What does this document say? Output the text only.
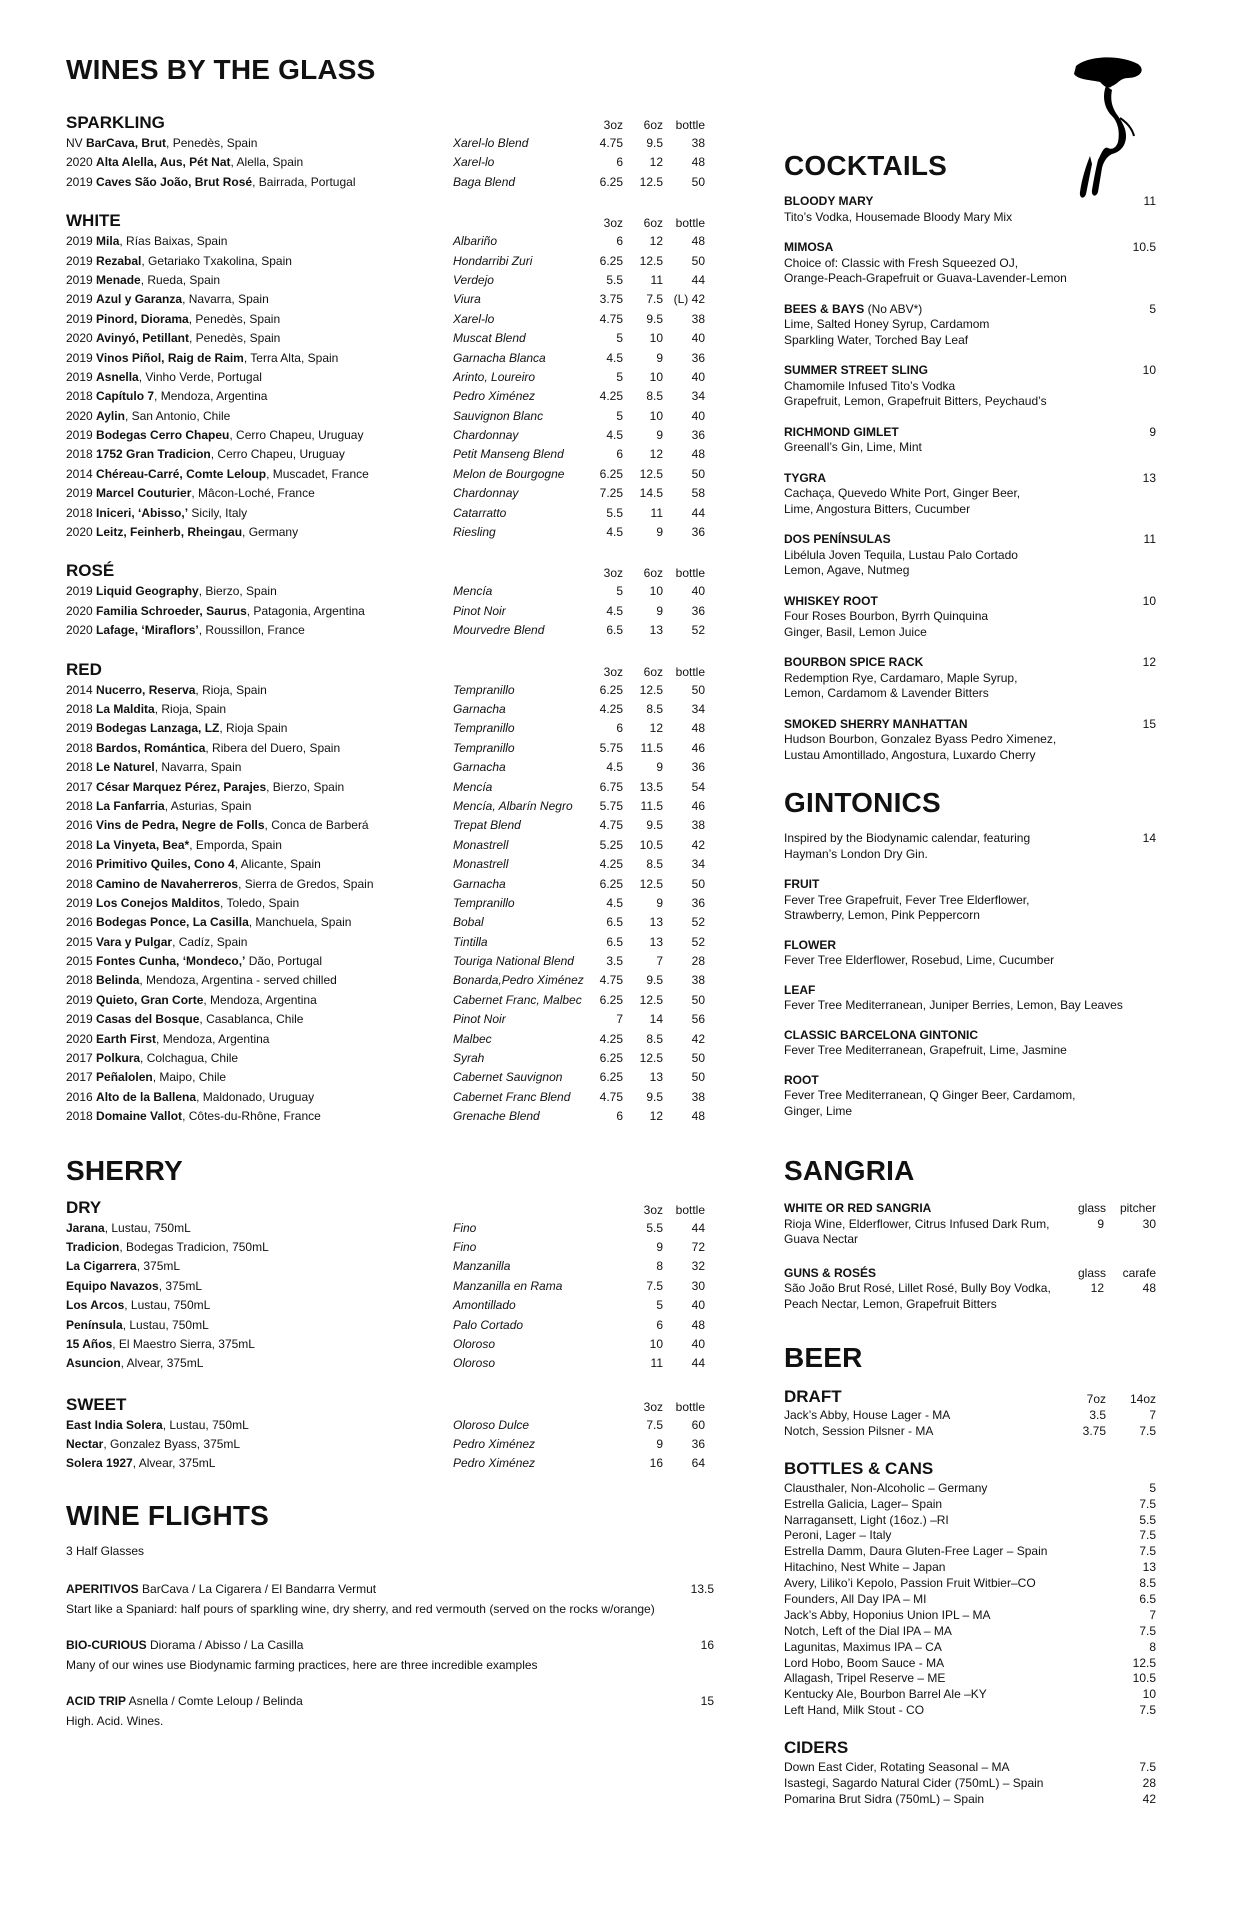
WINES BY THE GLASS
SPARKLING	3oz 6oz bottle
NV BarCava, Brut, Penedès, Spain	Xarel-lo Blend	4.75 9.5 38
2020 Alta Alella, Aus, Pét Nat, Alella, Spain	Xarel-lo	6 12 48
2019 Caves São João, Brut Rosé, Bairrada, Portugal	Baga Blend	6.25 12.5 50
WHITE	3oz 6oz bottle
2019 Mila, Rías Baixas, Spain	Albariño	6 12 48
2019 Rezabal, Getariako Txakolina, Spain	Hondarribi Zuri	6.25 12.5 50
2019 Menade, Rueda, Spain	Verdejo	5.5 11 44
2019 Azul y Garanza, Navarra, Spain	Viura	3.75 7.5 (L) 42
2019 Pinord, Diorama, Penedès, Spain	Xarel-lo	4.75 9.5 38
2020 Avinyó, Petillant, Penedès, Spain	Muscat Blend	5 10 40
2019 Vinos Piñol, Raig de Raim, Terra Alta, Spain	Garnacha Blanca	4.5	9 36
2019 Asnella, Vinho Verde, Portugal	Arinto, Loureiro	5 10 40
2018 Capítulo 7, Mendoza, Argentina	Pedro Ximénez	4.25 8.5 34
2020 Aylin, San Antonio, Chile	Sauvignon Blanc	5 10 40
2019 Bodegas Cerro Chapeu, Cerro Chapeu, Uruguay	Chardonnay	4.5	9 36
2018 1752 Gran Tradicion, Cerro Chapeu, Uruguay	Petit Manseng Blend	6 12 48
2014 Chéreau-Carré, Comte Leloup, Muscadet, France	Melon de Bourgogne	6.25 12.5 50
2019 Marcel Couturier, Mâcon-Loché, France	Chardonnay	7.25 14.5 58
2018 Iniceri, ‘Abisso,’ Sicily, Italy	Catarratto	5.5 11 44
2020 Leitz, Feinherb, Rheingau, Germany	Riesling	4.5	9 36
ROSÉ	3oz 6oz bottle
2019 Liquid Geography, Bierzo, Spain	Mencía	5 10 40
2020 Familia Schroeder, Saurus, Patagonia, Argentina	Pinot Noir	4.5	9 36
2020 Lafage, ‘Miraflors’, Roussillon, France	Mourvedre Blend	6.5 13 52
RED	3oz 6oz bottle
2014 Nucerro, Reserva, Rioja, Spain	Tempranillo	6.25 12.5 50
2018 La Maldita, Rioja, Spain	Garnacha	4.25 8.5 34
2019 Bodegas Lanzaga, LZ, Rioja Spain	Tempranillo	6 12 48
2018 Bardos, Romántica, Ribera del Duero, Spain	Tempranillo	5.75 11.5 46
2018 Le Naturel, Navarra, Spain	Garnacha	4.5	9 36
2017 César Marquez Pérez, Parajes, Bierzo, Spain	Mencía	6.75 13.5 54
2018 La Fanfarria, Asturias, Spain	Mencía, Albarín Negro 5.75 11.5 46
2016 Vins de Pedra, Negre de Folls, Conca de Barberá	Trepat Blend	4.75 9.5 38
2018 La Vinyeta, Bea*, Emporda, Spain	Monastrell	5.25 10.5 42
2016 Primitivo Quiles, Cono 4, Alicante, Spain	Monastrell	4.25 8.5 34
2018 Camino de Navaherreros, Sierra de Gredos, Spain	Garnacha	6.25 12.5 50
2019 Los Conejos Malditos, Toledo, Spain	Tempranillo	4.5	9 36
2016 Bodegas Ponce, La Casilla, Manchuela, Spain	Bobal	6.5 13 52
2015 Vara y Pulgar, Cadíz, Spain	Tintilla	6.5 13 52
2015 Fontes Cunha, ‘Mondeco,’ Dão, Portugal	Touriga National Blend	3.5	7 28
2018 Belinda, Mendoza, Argentina - served chilled	Bonarda,Pedro Ximénez 4.75 9.5 38
2019 Quieto, Gran Corte, Mendoza, Argentina	Cabernet Franc, Malbec 6.25 12.5 50
2019 Casas del Bosque, Casablanca, Chile	Pinot Noir	7 14 56
2020 Earth First, Mendoza, Argentina	Malbec	4.25 8.5 42
2017 Polkura, Colchagua, Chile	Syrah	6.25 12.5 50
2017 Peñalolen, Maipo, Chile	Cabernet Sauvignon	6.25 13 50
2016 Alto de la Ballena, Maldonado, Uruguay	Cabernet Franc Blend 4.75 9.5 38
2018 Domaine Vallot, Côtes-du-Rhône, France	Grenache Blend	6 12 48
SHERRY
DRY	3oz bottle
Jarana, Lustau, 750mL	Fino	5.5 44
Tradicion, Bodegas Tradicion, 750mL	Fino	9 72
La Cigarrera, 375mL	Manzanilla	8 32
Equipo Navazos, 375mL	Manzanilla en Rama	7.5 30
Los Arcos, Lustau, 750mL	Amontillado	5 40
Península, Lustau, 750mL	Palo Cortado	6 48
15 Años, El Maestro Sierra, 375mL	Oloroso	10 40
Asuncion, Alvear, 375mL	Oloroso	11 44
SWEET	3oz bottle
East India Solera, Lustau, 750mL	Oloroso Dulce	7.5 60
Nectar, Gonzalez Byass, 375mL	Pedro Ximénez	9 36
Solera 1927, Alvear, 375mL	Pedro Ximénez	16 64
WINE FLIGHTS
3 Half Glasses
APERITIVOS BarCava / La Cigarera / El Bandarra Vermut	13.5
Start like a Spaniard: half pours of sparkling wine, dry sherry, and red vermouth (served on the rocks w/orange)
BIO-CURIOUS Diorama / Abisso / La Casilla	16
Many of our wines use Biodynamic farming practices, here are three incredible examples
ACID TRIP Asnella / Comte Leloup / Belinda	15
High. Acid. Wines.
COCKTAILS
BLOODY MARY
Tito’s Vodka, Housemade Bloody Mary Mix
11
MIMOSA
Choice of: Classic with Fresh Squeezed OJ,
Orange-Peach-Grapefruit or Guava-Lavender-Lemon
10.5
BEES & BAYS (No ABV*)
Lime, Salted Honey Syrup, Cardamom
Sparkling Water, Torched Bay Leaf
5
SUMMER STREET SLING
Chamomile Infused Tito’s Vodka
Grapefruit, Lemon, Grapefruit Bitters, Peychaud’s
10
RICHMOND GIMLET
Greenall’s Gin, Lime, Mint
9
TYGRA
Cachaça, Quevedo White Port, Ginger Beer,
Lime, Angostura Bitters, Cucumber
13
DOS PENÍNSULAS
Libélula Joven Tequila, Lustau Palo Cortado
Lemon, Agave, Nutmeg
11
WHISKEY ROOT
Four Roses Bourbon, Byrrh Quinquina
Ginger, Basil, Lemon Juice
10
BOURBON SPICE RACK
Redemption Rye, Cardamaro, Maple Syrup,
Lemon, Cardamom & Lavender Bitters
12
SMOKED SHERRY MANHATTAN
Hudson Bourbon, Gonzalez Byass Pedro Ximenez,
Lustau Amontillado, Angostura, Luxardo Cherry
15
GINTONICS
Inspired by the Biodynamic calendar, featuring
Hayman’s London Dry Gin.
14
FRUIT
Fever Tree Grapefruit, Fever Tree Elderflower,
Strawberry, Lemon, Pink Peppercorn
FLOWER
Fever Tree Elderflower, Rosebud, Lime, Cucumber
LEAF
Fever Tree Mediterranean, Juniper Berries, Lemon, Bay Leaves
CLASSIC BARCELONA GINTONIC
Fever Tree Mediterranean, Grapefruit, Lime, Jasmine
ROOT
Fever Tree Mediterranean, Q Ginger Beer, Cardamom,
Ginger, Lime
SANGRIA
WHITE OR RED SANGRIA
Rioja Wine, Elderflower, Citrus Infused Dark Rum,
Guava Nectar
glass pitcher
9	30
GUNS & ROSÉS
São João Brut Rosé, Lillet Rosé, Bully Boy Vodka,
Peach Nectar, Lemon, Grapefruit Bitters
glass carafe
12	48
BEER
DRAFT	7oz 14oz
Jack’s Abby, House Lager - MA	3.5	7
Notch, Session Pilsner - MA	3.75	7.5
BOTTLES & CANS
Clausthaler, Non-Alcoholic – Germany	5
Estrella Galicia, Lager– Spain	7.5
Narragansett, Light (16oz.) –RI	5.5
Peroni, Lager – Italy	7.5
Estrella Damm, Daura Gluten-Free Lager – Spain	7.5
Hitachino, Nest White – Japan	13
Avery, Liliko’i Kepolo, Passion Fruit Witbier–CO	8.5
Founders, All Day IPA – MI	6.5
Jack’s Abby, Hoponius Union IPL – MA	7
Notch, Left of the Dial IPA – MA	7.5
Lagunitas, Maximus IPA – CA	8
Lord Hobo, Boom Sauce - MA	12.5
Allagash, Tripel Reserve – ME	10.5
Kentucky Ale, Bourbon Barrel Ale –KY	10
Left Hand, Milk Stout - CO	7.5
CIDERS
Down East Cider, Rotating Seasonal – MA	7.5
Isastegi, Sagardo Natural Cider (750mL) – Spain	28
Pomarina Brut Sidra (750mL) – Spain	42
